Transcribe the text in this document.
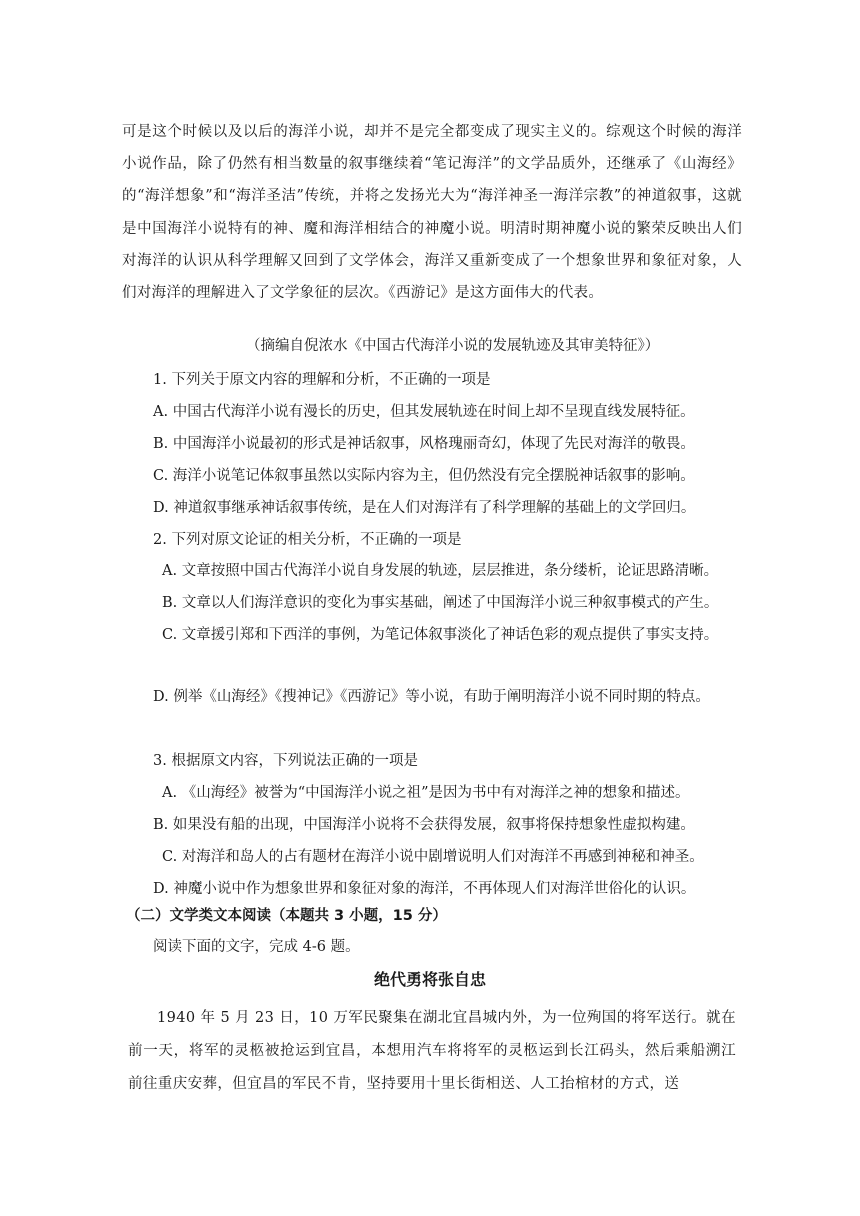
可是这个时候以及以后的海洋小说，却并不是完全都变成了现实主义的。综观这个时候的海洋小说作品，除了仍然有相当数量的叙事继续着“笔记海洋”的文学品质外，还继承了《山海经》的“海洋想象”和“海洋圣洁”传统，并将之发扬光大为“海洋神圣一海洋宗教”的神道叙事，这就是中国海洋小说特有的神、魔和海洋相结合的神魔小说。明清时期神魔小说的繁荣反映出人们对海洋的认识从科学理解又回到了文学体会，海洋又重新变成了一个想象世界和象征对象，人们对海洋的理解进入了文学象征的层次。《西游记》是这方面伟大的代表。
（摘编自倪浓水《中国古代海洋小说的发展轨迹及其审美特征》）
1. 下列关于原文内容的理解和分析，不正确的一项是
A. 中国古代海洋小说有漫长的历史，但其发展轨迹在时间上却不呈现直线发展特征。
B. 中国海洋小说最初的形式是神话叙事，风格瑰丽奇幻，体现了先民对海洋的敬畏。
C. 海洋小说笔记体叙事虽然以实际内容为主，但仍然没有完全摆脱神话叙事的影响。
D. 神道叙事继承神话叙事传统，是在人们对海洋有了科学理解的基础上的文学回归。
2. 下列对原文论证的相关分析，不正确的一项是
A. 文章按照中国古代海洋小说自身发展的轨迹，层层推进，条分缕析，论证思路清晰。
B. 文章以人们海洋意识的变化为事实基础，阐述了中国海洋小说三种叙事模式的产生。
C. 文章援引郑和下西洋的事例，为笔记体叙事淡化了神话色彩的观点提供了事实支持。
D. 例举《山海经》《搜神记》《西游记》等小说，有助于阐明海洋小说不同时期的特点。
3. 根据原文内容，下列说法正确的一项是
A. 《山海经》被誉为“中国海洋小说之祖”是因为书中有对海洋之神的想象和描述。
B. 如果没有船的出现，中国海洋小说将不会获得发展，叙事将保持想象性虚拟构建。
C. 对海洋和岛人的占有题材在海洋小说中剧增说明人们对海洋不再感到神秘和神圣。
D. 神魔小说中作为想象世界和象征对象的海洋，不再体现人们对海洋世俗化的认识。
（二）文学类文本阅读（本题共 3 小题，15 分）
阅读下面的文字，完成 4-6 题。
绝代勇将张自忠
1940 年 5 月 23 日，10 万军民聚集在湖北宜昌城内外，为一位殉国的将军送行。就在前一天，将军的灵柩被抢运到宜昌，本想用汽车将将军的灵柩运到长江码头，然后乘船溯江前往重庆安葬，但宜昌的军民不肯，坚持要用十里长街相送、人工抬棺材的方式，送
